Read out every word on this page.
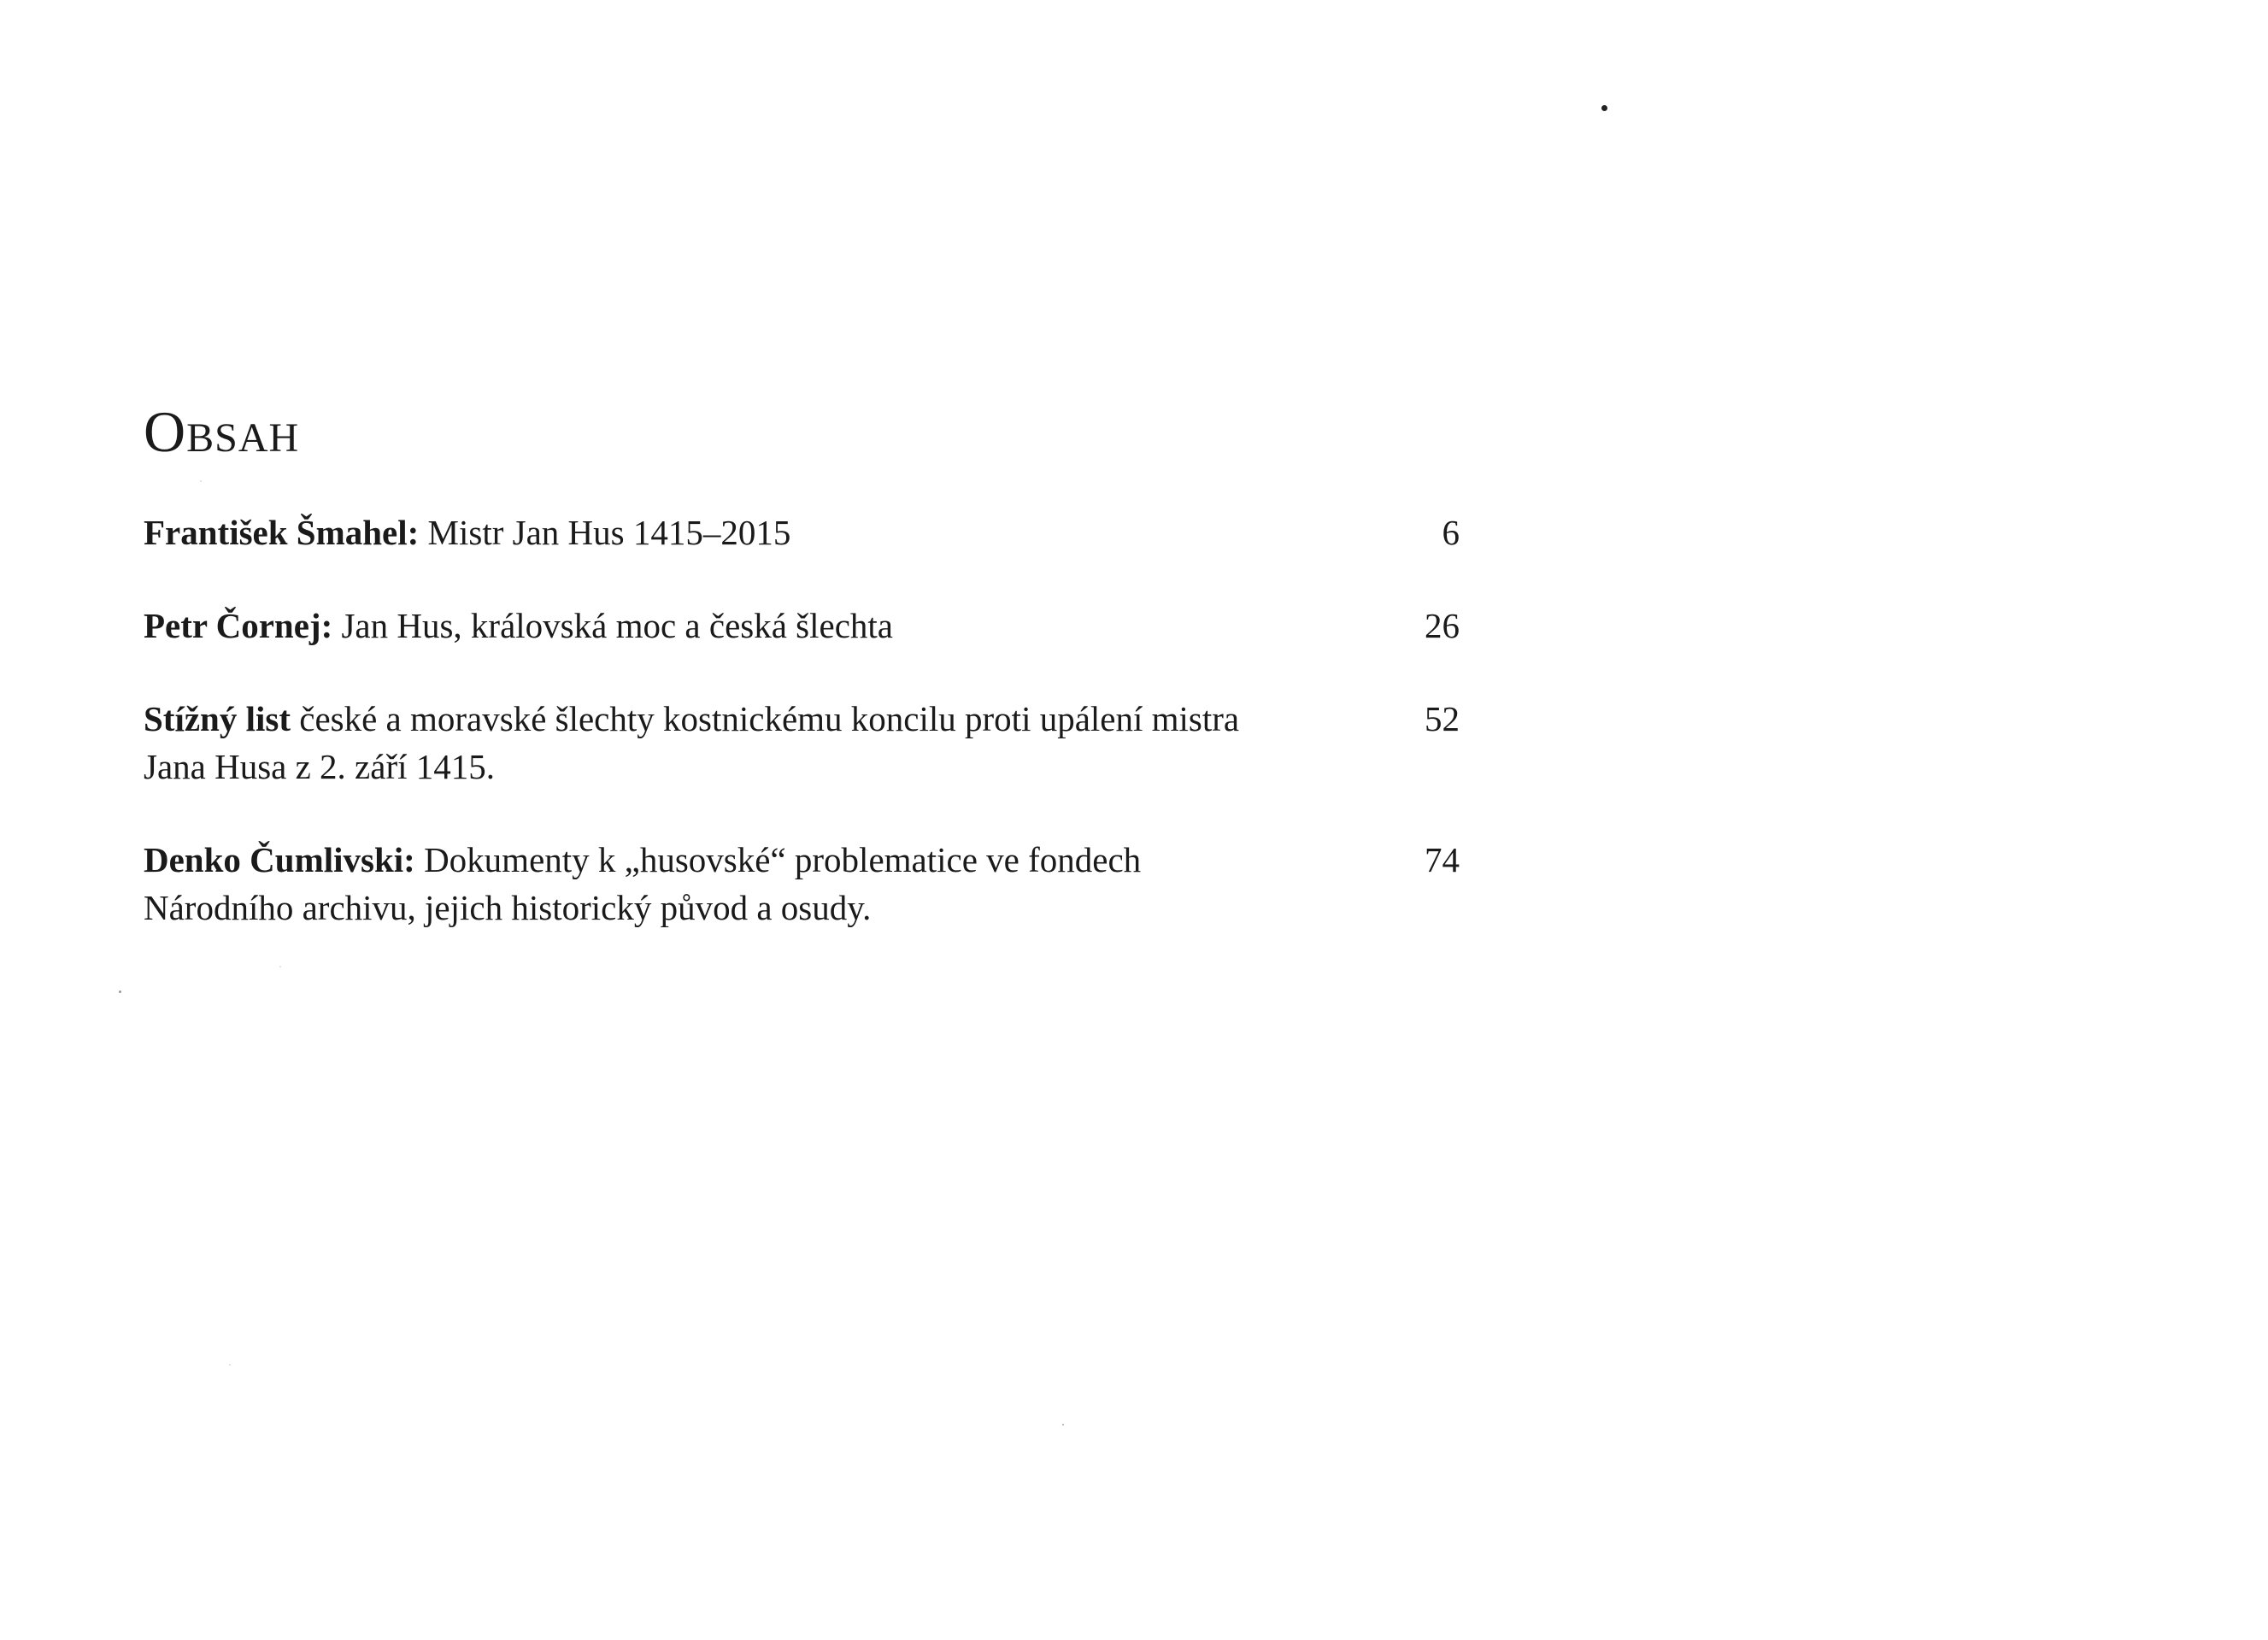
Obsah
František Šmahel: Mistr Jan Hus 1415–2015	6
Petr Čornej: Jan Hus, královská moc a česká šlechta	26
Stížný list české a moravské šlechty kostnickému koncilu proti upálení mistra Jana Husa z 2. září 1415.
52
Denko Čumlivski: Dokumenty k „husovské“ problematice ve fondech Národního archivu, jejich historický původ a osudy.
74
